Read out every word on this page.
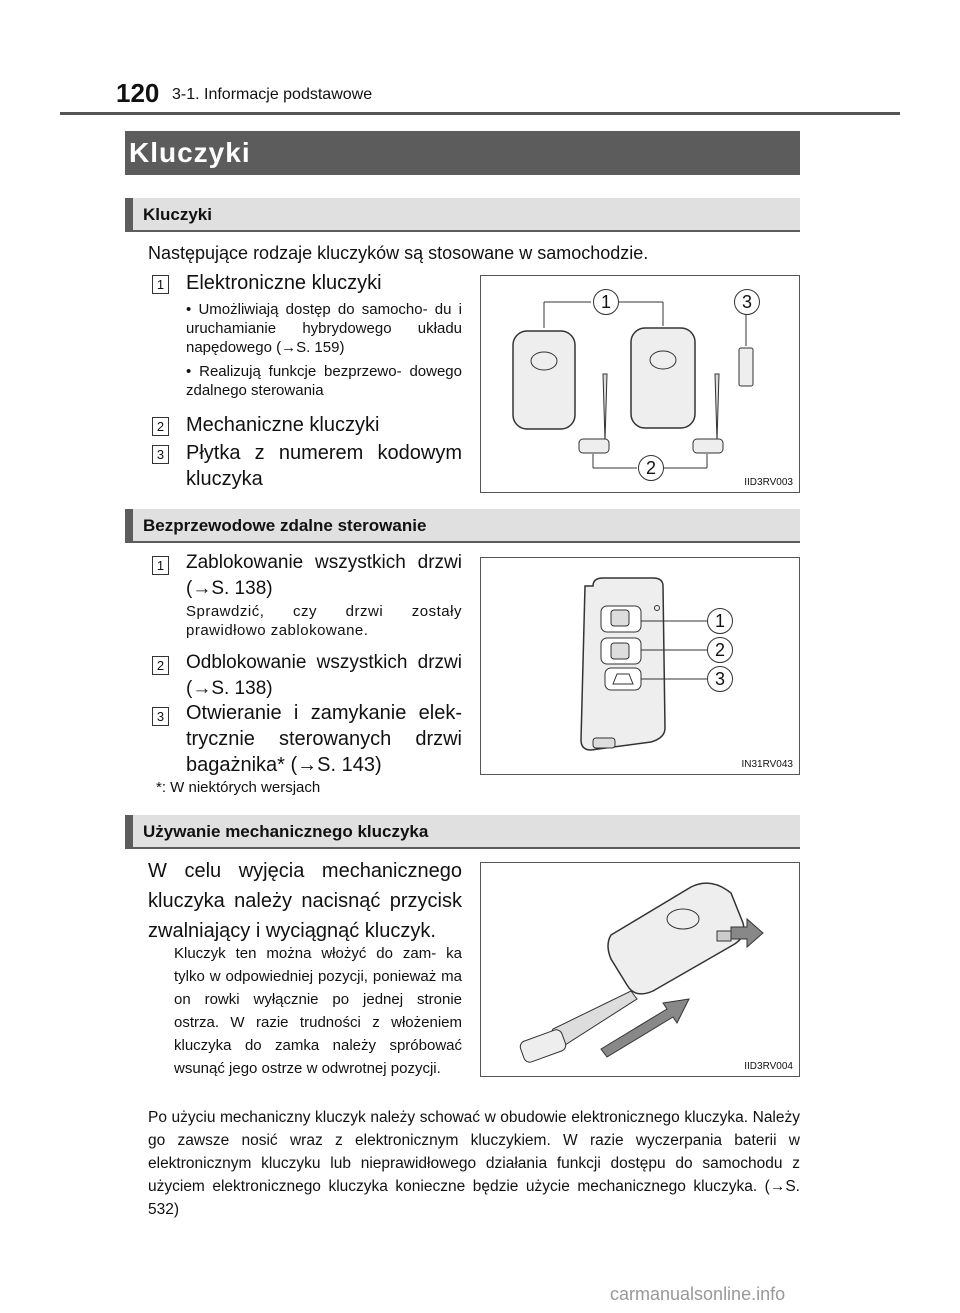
120 3-1. Informacje podstawowe
Kluczyki
Kluczyki
Następujące rodzaje kluczyków są stosowane w samochodzie.
1 Elektroniczne kluczyki
• Umożliwiają dostęp do samocho- du i uruchamianie hybrydowego układu napędowego (→S. 159)
• Realizują funkcje bezprzewo- dowego zdalnego sterowania
2 Mechaniczne kluczyki
3 Płytka z numerem kodowym kluczyka
1	3
2
IID3RV003
Bezprzewodowe zdalne sterowanie
1 Zablokowanie wszystkich drzwi (→S. 138)
Sprawdzić, czy drzwi zostały prawidłowo zablokowane.
2 Odblokowanie wszystkich drzwi (→S. 138)
3 Otwieranie i zamykanie elek- trycznie sterowanych drzwi bagażnika* (→S. 143)
*: W niektórych wersjach
1
2
3
IN31RV043
Używanie mechanicznego kluczyka
W celu wyjęcia mechanicznego kluczyka należy nacisnąć przycisk zwalniający i wyciągnąć kluczyk.
Kluczyk ten można włożyć do zam- ka tylko w odpowiedniej pozycji, ponieważ ma on rowki wyłącznie po jednej stronie ostrza. W razie trudności z włożeniem kluczyka do zamka należy spróbować wsunąć jego ostrze w odwrotnej pozycji.	IID3RV004
Po użyciu mechaniczny kluczyk należy schować w obudowie elektronicznego kluczyka. Należy go zawsze nosić wraz z elektronicznym kluczykiem. W razie wyczerpania baterii w elektronicznym kluczyku lub nieprawidłowego działania funkcji dostępu do samochodu z użyciem elektronicznego kluczyka konieczne będzie użycie mechanicznego kluczyka. (→S. 532)
carmanualsonline.info
